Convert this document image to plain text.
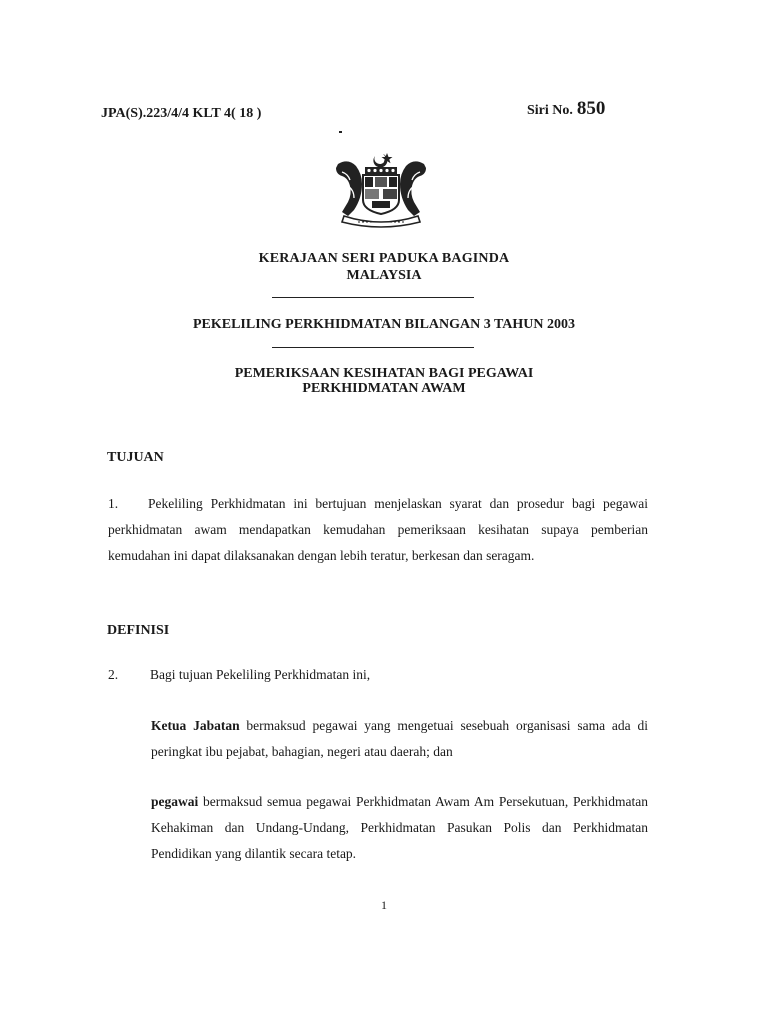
JPA(S).223/4/4 KLT 4( 18 )	Siri No. 850
KERAJAAN SERI PADUKA BAGINDA
MALAYSIA
PEKELILING PERKHIDMATAN BILANGAN 3 TAHUN 2003
PEMERIKSAAN KESIHATAN BAGI PEGAWAI
PERKHIDMATAN AWAM
TUJUAN
1. Pekeliling Perkhidmatan ini bertujuan menjelaskan syarat dan prosedur bagi pegawai perkhidmatan awam mendapatkan kemudahan pemeriksaan kesihatan supaya pemberian kemudahan ini dapat dilaksanakan dengan lebih teratur, berkesan dan seragam.
DEFINISI
2. Bagi tujuan Pekeliling Perkhidmatan ini,
Ketua Jabatan bermaksud pegawai yang mengetuai sesebuah organisasi sama ada di peringkat ibu pejabat, bahagian, negeri atau daerah; dan
pegawai bermaksud semua pegawai Perkhidmatan Awam Am Persekutuan, Perkhidmatan Kehakiman dan Undang-Undang, Perkhidmatan Pasukan Polis dan Perkhidmatan Pendidikan yang dilantik secara tetap.
1
